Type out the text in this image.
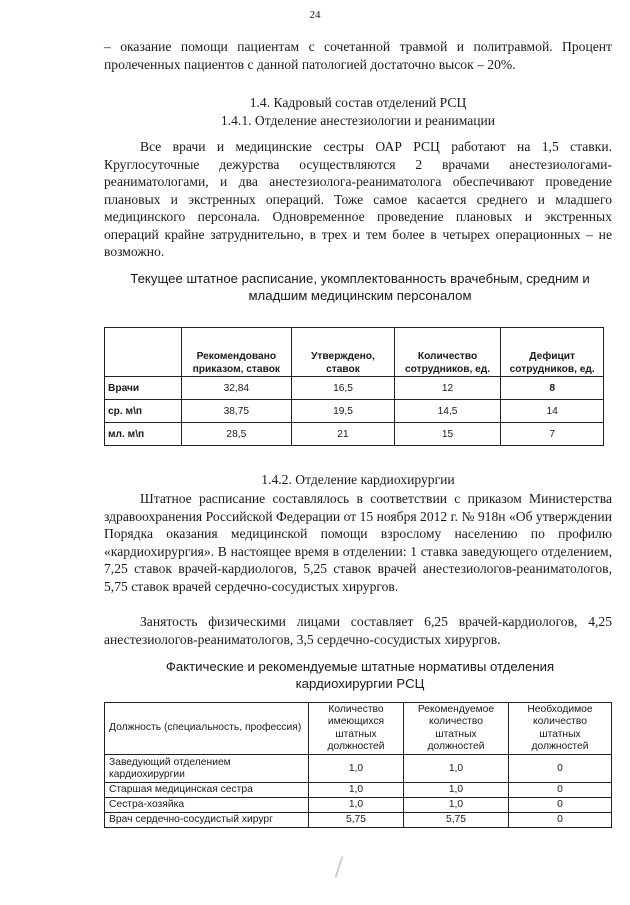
24

– оказание помощи пациентам с сочетанной травмой и политравмой. Процент пролеченных пациентов с данной патологией достаточно высок – 20%.

1.4. Кадровый состав отделений РСЦ

1.4.1. Отделение анестезиологии и реанимации

Все врачи и медицинские сестры ОАР РСЦ работают на 1,5 ставки. Круглосуточные дежурства осуществляются 2 врачами анестезиологами-реаниматологами, и два анестезиолога-реаниматолога обеспечивают проведение плановых и экстренных операций. Тоже самое касается среднего и младшего медицинского персонала. Одновременное проведение плановых и экстренных операций крайне затруднительно, в трех и тем более в четырех операционных – не возможно.

Текущее штатное расписание, укомплектованность врачебным, средним и младшим медицинским персоналом

	Рекомендовано приказом, ставок	Утверждено, ставок	Количество сотрудников, ед.	Дефицит сотрудников, ед.
Врачи	32,84	16,5	12	8
ср. м\п	38,75	19,5	14,5	14
мл. м\п	28,5	21	15	7

1.4.2. Отделение кардиохирургии

Штатное расписание составлялось в соответствии с приказом Министерства здравоохранения Российской Федерации от 15 ноября 2012 г. № 918н «Об утверждении Порядка оказания медицинской помощи взрослому населению по профилю «кардиохирургия». В настоящее время в отделении: 1 ставка заведующего отделением, 7,25 ставок врачей-кардиологов, 5,25 ставок врачей анестезиологов-реаниматологов, 5,75 ставок врачей сердечно-сосудистых хирургов.

Занятость физическими лицами составляет 6,25 врачей-кардиологов, 4,25 анестезиологов-реаниматологов, 3,5 сердечно-сосудистых хирургов.

Фактические и рекомендуемые штатные нормативы отделения кардиохирургии РСЦ

Должность (специальность, профессия)	Количество имеющихся штатных должностей	Рекомендуемое количество штатных должностей	Необходимое количество штатных должностей
Заведующий отделением кардиохирургии	1,0	1,0	0
Старшая медицинская сестра	1,0	1,0	0
Сестра-хозяйка	1,0	1,0	0
Врач сердечно-сосудистый хирург	5,75	5,75	0
